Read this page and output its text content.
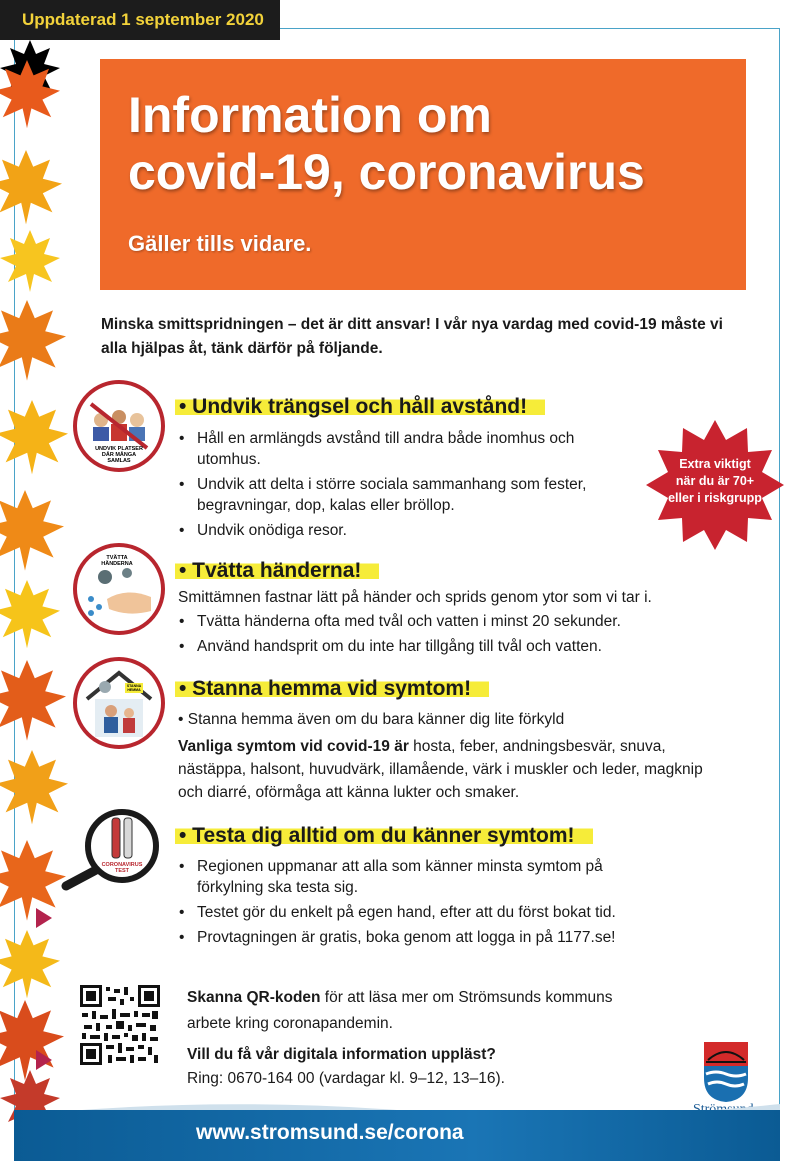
Uppdaterad 1 september 2020
Information om
covid-19, coronavirus
Gäller tills vidare.
Minska smittspridningen – det är ditt ansvar! I vår nya vardag med covid-19 måste vi alla hjälpas åt, tänk därför på följande.
Extra viktigt
när du är 70+
eller i riskgrupp
UNDVIK PLATSER
DÄR MÅNGA
SAMLAS
• Undvik trängsel och håll avstånd!
• Håll en armlängds avstånd till andra både inomhus och utomhus.
• Undvik att delta i större sociala sammanhang som fester, begravningar, dop, kalas eller bröllop.
• Undvik onödiga resor.
TVÄTTA
HÄNDERNA • Tvätta händerna!
Smittämnen fastnar lätt på händer och sprids genom ytor som vi tar i.
• Tvätta händerna ofta med tvål och vatten i minst 20 sekunder.
• Använd handsprit om du inte har tillgång till tvål och vatten.
STANNA
HEMMA • Stanna hemma vid symtom!
• Stanna hemma även om du bara känner dig lite förkyld
Vanliga symtom vid covid-19 är hosta, feber, andningsbesvär, snuva, nästäppa, halsont, huvudvärk, illamående, värk i muskler och leder, magknip och diarré, oförmåga att känna lukter och smaker.
CORONAVIRUS
TEST
• Testa dig alltid om du känner symtom!
• Regionen uppmanar att alla som känner minsta symtom på förkylning ska testa sig.
• Testet gör du enkelt på egen hand, efter att du först bokat tid.
• Provtagningen är gratis, boka genom att logga in på 1177.se!
Skanna QR-koden för att läsa mer om Strömsunds kommuns arbete kring coronapandemin.
Vill du få vår digitala information uppläst?
Ring: 0670-164 00 (vardagar kl. 9–12, 13–16).
www.stromsund.se/corona
